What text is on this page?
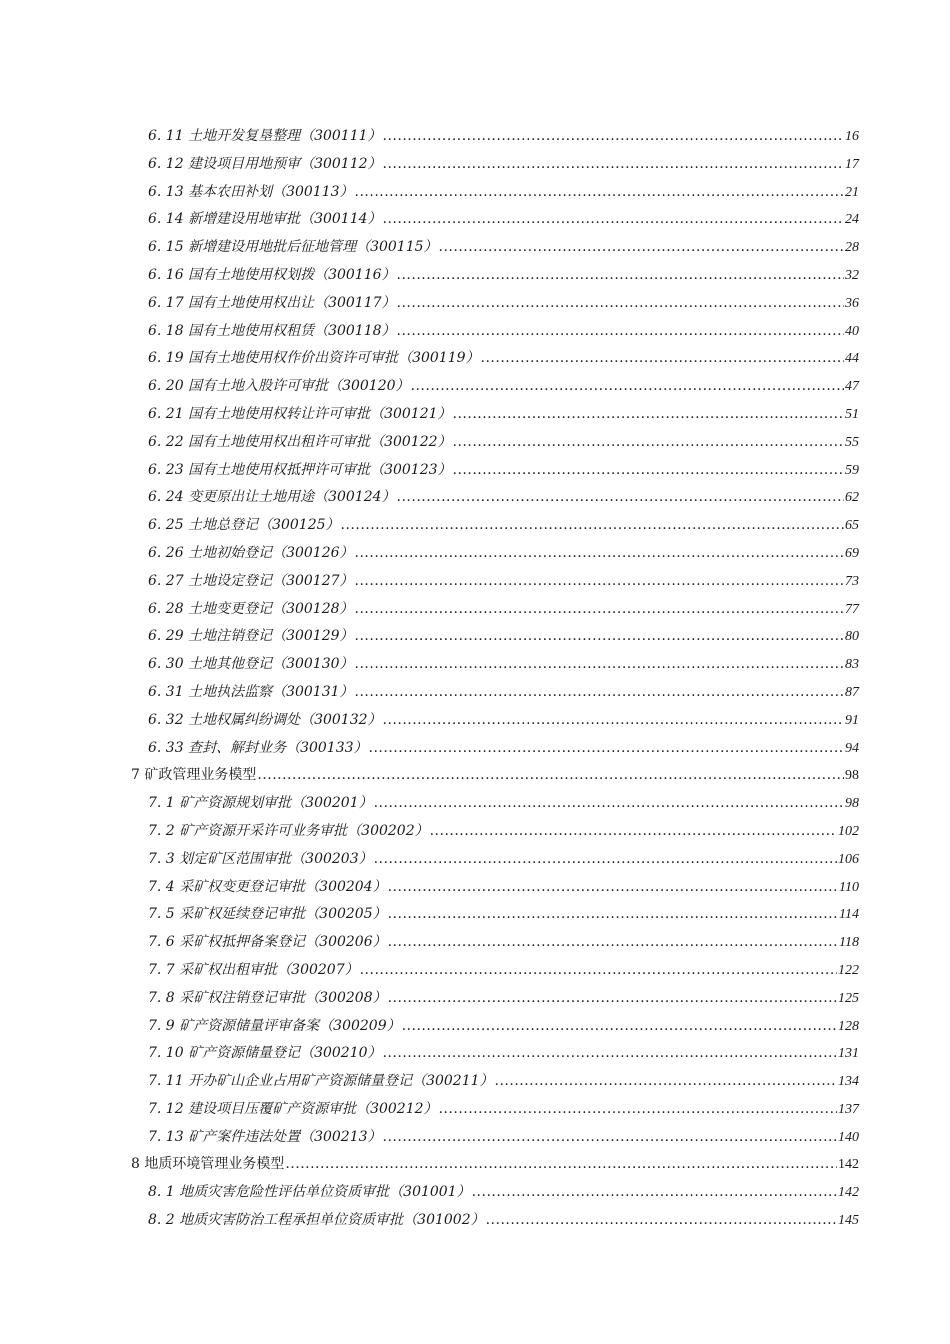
6. 11 土地开发复垦整理（300111） .....	16
6. 12 建设项目用地预审（300112） .....	17
6. 13 基本农田补划（300113） .....	21
6. 14 新增建设用地审批（300114） .....	24
6. 15 新增建设用地批后征地管理（300115） .....	28
6. 16 国有土地使用权划拨（300116） .....	32
6. 17 国有土地使用权出让（300117） .....	36
6. 18 国有土地使用权租赁（300118） .....	40
6. 19 国有土地使用权作价出资许可审批（300119） .....	44
6. 20 国有土地入股许可审批（300120） .....	47
6. 21 国有土地使用权转让许可审批（300121） .....	51
6. 22 国有土地使用权出租许可审批（300122） .....	55
6. 23 国有土地使用权抵押许可审批（300123） .....	59
6. 24 变更原出让土地用途（300124） .....	62
6. 25 土地总登记（300125） .....	65
6. 26 土地初始登记（300126） .....	69
6. 27 土地设定登记（300127） .....	73
6. 28 土地变更登记（300128） .....	77
6. 29 土地注销登记（300129） .....	80
6. 30 土地其他登记（300130） .....	83
6. 31 土地执法监察（300131） .....	87
6. 32 土地权属纠纷调处（300132） .....	91
6. 33 查封、解封业务（300133） .....	94
7 矿政管理业务模型 .....	98
7. 1 矿产资源规划审批（300201） .....	98
7. 2 矿产资源开采许可业务审批（300202） .....	102
7. 3 划定矿区范围审批（300203） .....	106
7. 4 采矿权变更登记审批（300204） .....	110
7. 5 采矿权延续登记审批（300205） .....	114
7. 6 采矿权抵押备案登记（300206） .....	118
7. 7 采矿权出租审批（300207） .....	122
7. 8 采矿权注销登记审批（300208） .....	125
7. 9 矿产资源储量评审备案（300209） .....	128
7. 10 矿产资源储量登记（300210） .....	131
7. 11 开办矿山企业占用矿产资源储量登记（300211） .....	134
7. 12 建设项目压覆矿产资源审批（300212） .....	137
7. 13 矿产案件违法处置（300213） .....	140
8 地质环境管理业务模型 .....	142
8. 1 地质灾害危险性评估单位资质审批（301001） .....	142
8. 2 地质灾害防治工程承担单位资质审批（301002） .....	145
